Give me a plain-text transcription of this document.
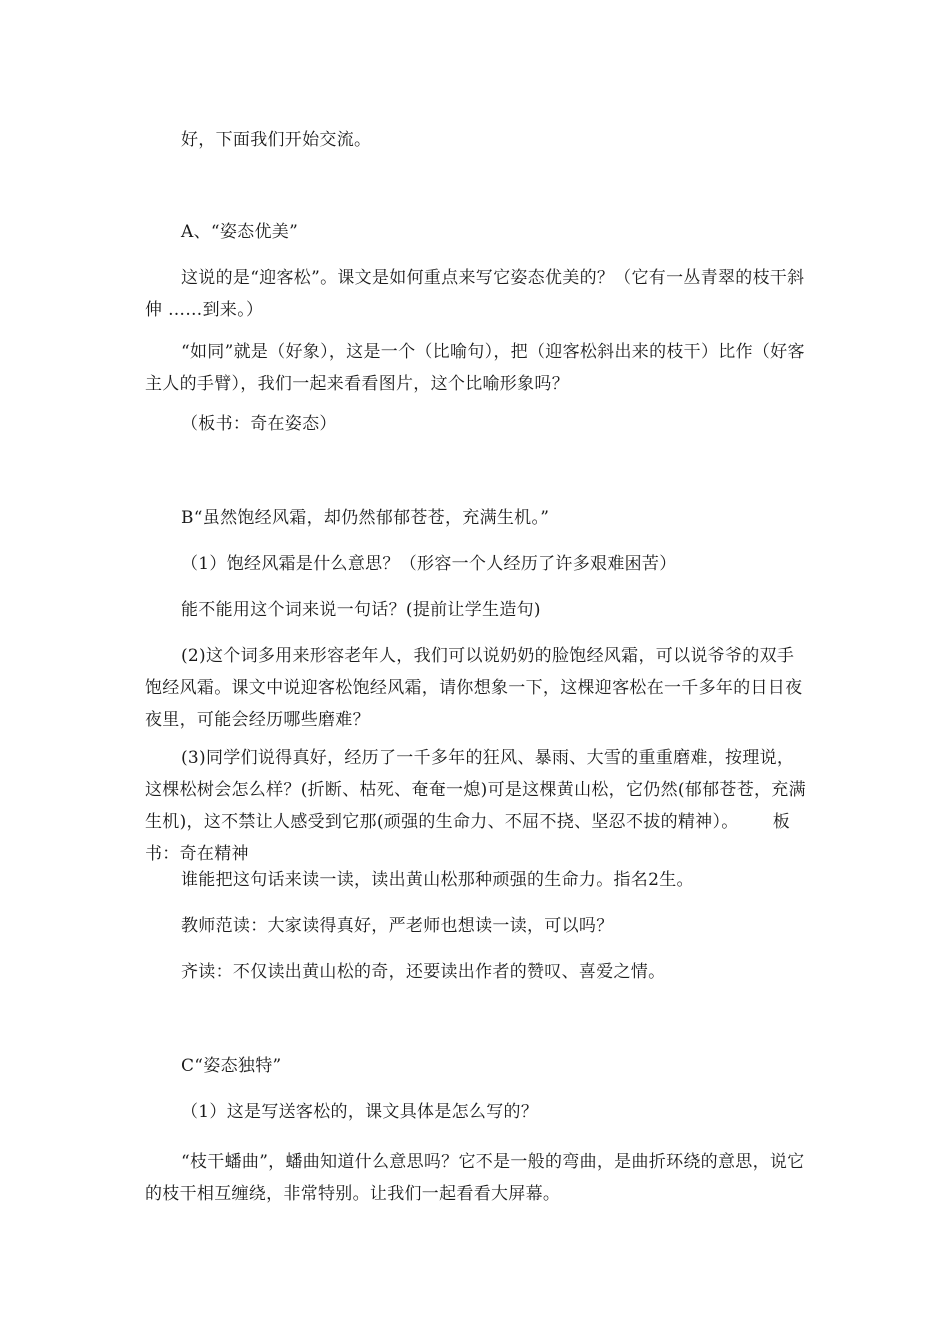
好，下面我们开始交流。
A、“姿态优美”
这说的是“迎客松”。课文是如何重点来写它姿态优美的？（它有一丛青翠的枝干斜伸 ……到来。）
“如同”就是（好象），这是一个（比喻句），把（迎客松斜出来的枝干）比作（好客主人的手臂），我们一起来看看图片，这个比喻形象吗？
（板书：奇在姿态）
B“虽然饱经风霜，却仍然郁郁苍苍，充满生机。”
（1）饱经风霜是什么意思？（形容一个人经历了许多艰难困苦）
能不能用这个词来说一句话？(提前让学生造句)
(2)这个词多用来形容老年人，我们可以说奶奶的脸饱经风霜，可以说爷爷的双手饱经风霜。课文中说迎客松饱经风霜，请你想象一下，这棵迎客松在一千多年的日日夜夜里，可能会经历哪些磨难？
(3)同学们说得真好，经历了一千多年的狂风、暴雨、大雪的重重磨难，按理说，这棵松树会怎么样？(折断、枯死、奄奄一熄)可是这棵黄山松，它仍然(郁郁苍苍，充满生机)，这不禁让人感受到它那(顽强的生命力、不屈不挠、坚忍不拔的精神）。      板书：奇在精神
谁能把这句话来读一读，读出黄山松那种顽强的生命力。指名2生。
教师范读：大家读得真好，严老师也想读一读，可以吗？
齐读：不仅读出黄山松的奇，还要读出作者的赞叹、喜爱之情。
C“姿态独特”
（1）这是写送客松的，课文具体是怎么写的？
“枝干蟠曲”，蟠曲知道什么意思吗？它不是一般的弯曲，是曲折环绕的意思，说它的枝干相互缠绕，非常特别。让我们一起看看大屏幕。
